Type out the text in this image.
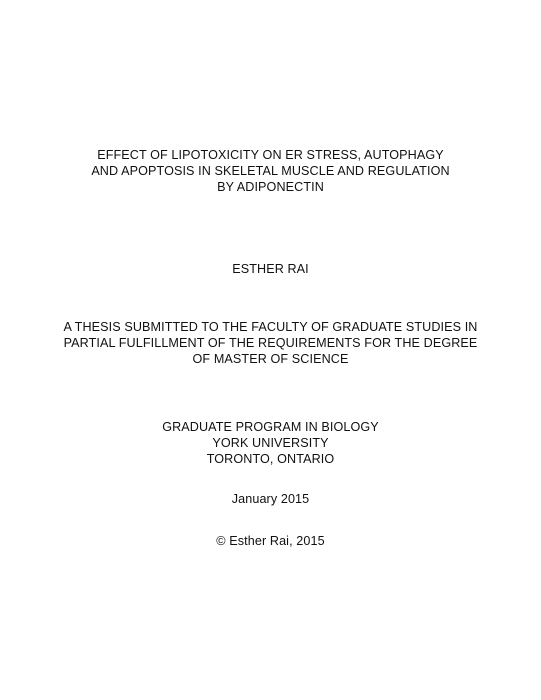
EFFECT OF LIPOTOXICITY ON ER STRESS, AUTOPHAGY
AND APOPTOSIS IN SKELETAL MUSCLE AND REGULATION
BY ADIPONECTIN
ESTHER RAI
A THESIS SUBMITTED TO THE FACULTY OF GRADUATE STUDIES IN
PARTIAL FULFILLMENT OF THE REQUIREMENTS FOR THE DEGREE
OF MASTER OF SCIENCE
GRADUATE PROGRAM IN BIOLOGY
YORK UNIVERSITY
TORONTO, ONTARIO
January 2015
© Esther Rai, 2015
